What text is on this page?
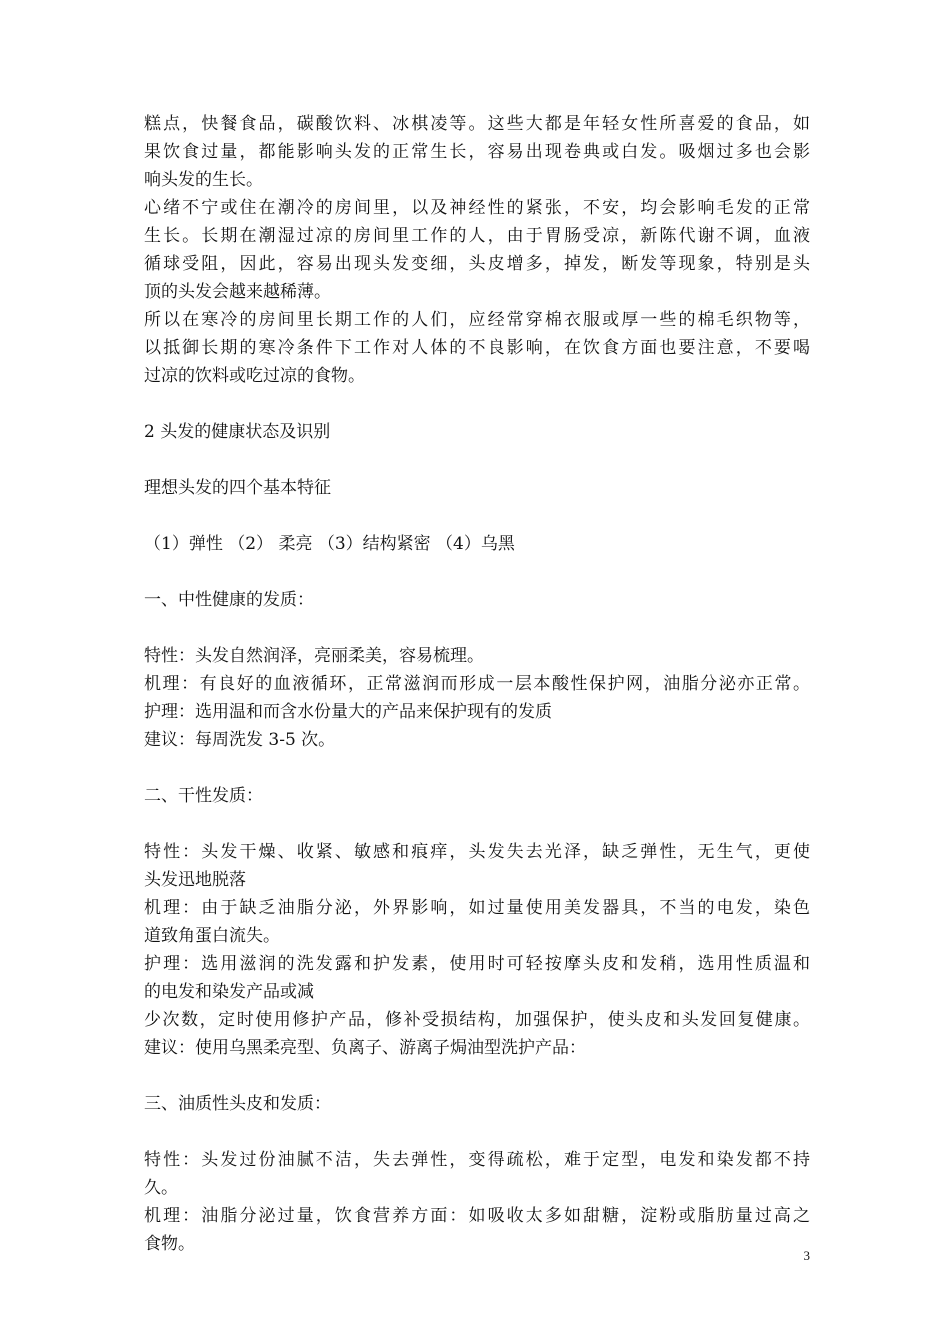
糕点，快餐食品，碳酸饮料、冰棋凌等。这些大都是年轻女性所喜爱的食品，如
果饮食过量，都能影响头发的正常生长，容易出现卷典或白发。吸烟过多也会影
响头发的生长。
心绪不宁或住在潮冷的房间里，以及神经性的紧张，不安，均会影响毛发的正常
生长。长期在潮湿过凉的房间里工作的人，由于胃肠受凉，新陈代谢不调，血液
循球受阻，因此，容易出现头发变细，头皮增多，掉发，断发等现象，特别是头
顶的头发会越来越稀薄。
所以在寒冷的房间里长期工作的人们，应经常穿棉衣服或厚一些的棉毛织物等，
以抵御长期的寒冷条件下工作对人体的不良影响，在饮食方面也要注意，不要喝
过凉的饮料或吃过凉的食物。
2 头发的健康状态及识别
理想头发的四个基本特征
（1）弹性 （2） 柔亮 （3）结构紧密 （4）乌黑
一、中性健康的发质：
特性：头发自然润泽，亮丽柔美，容易梳理。
机理：有良好的血液循环，正常滋润而形成一层本酸性保护网，油脂分泌亦正常。
护理：选用温和而含水份量大的产品来保护现有的发质
建议：每周洗发 3-5 次。
二、干性发质：
特性：头发干燥、收紧、敏感和痕痒，头发失去光泽，缺乏弹性，无生气，更使
头发迅地脱落
机理：由于缺乏油脂分泌，外界影响，如过量使用美发器具，不当的电发，染色
道致角蛋白流失。
护理：选用滋润的洗发露和护发素，使用时可轻按摩头皮和发稍，选用性质温和
的电发和染发产品或减
少次数，定时使用修护产品，修补受损结构，加强保护，使头皮和头发回复健康。
建议：使用乌黑柔亮型、负离子、游离子焗油型洗护产品：
三、油质性头皮和发质：
特性：头发过份油腻不洁，失去弹性，变得疏松，难于定型，电发和染发都不持
久。
机理：油脂分泌过量，饮食营养方面：如吸收太多如甜糖，淀粉或脂肪量过高之
食物。
3
